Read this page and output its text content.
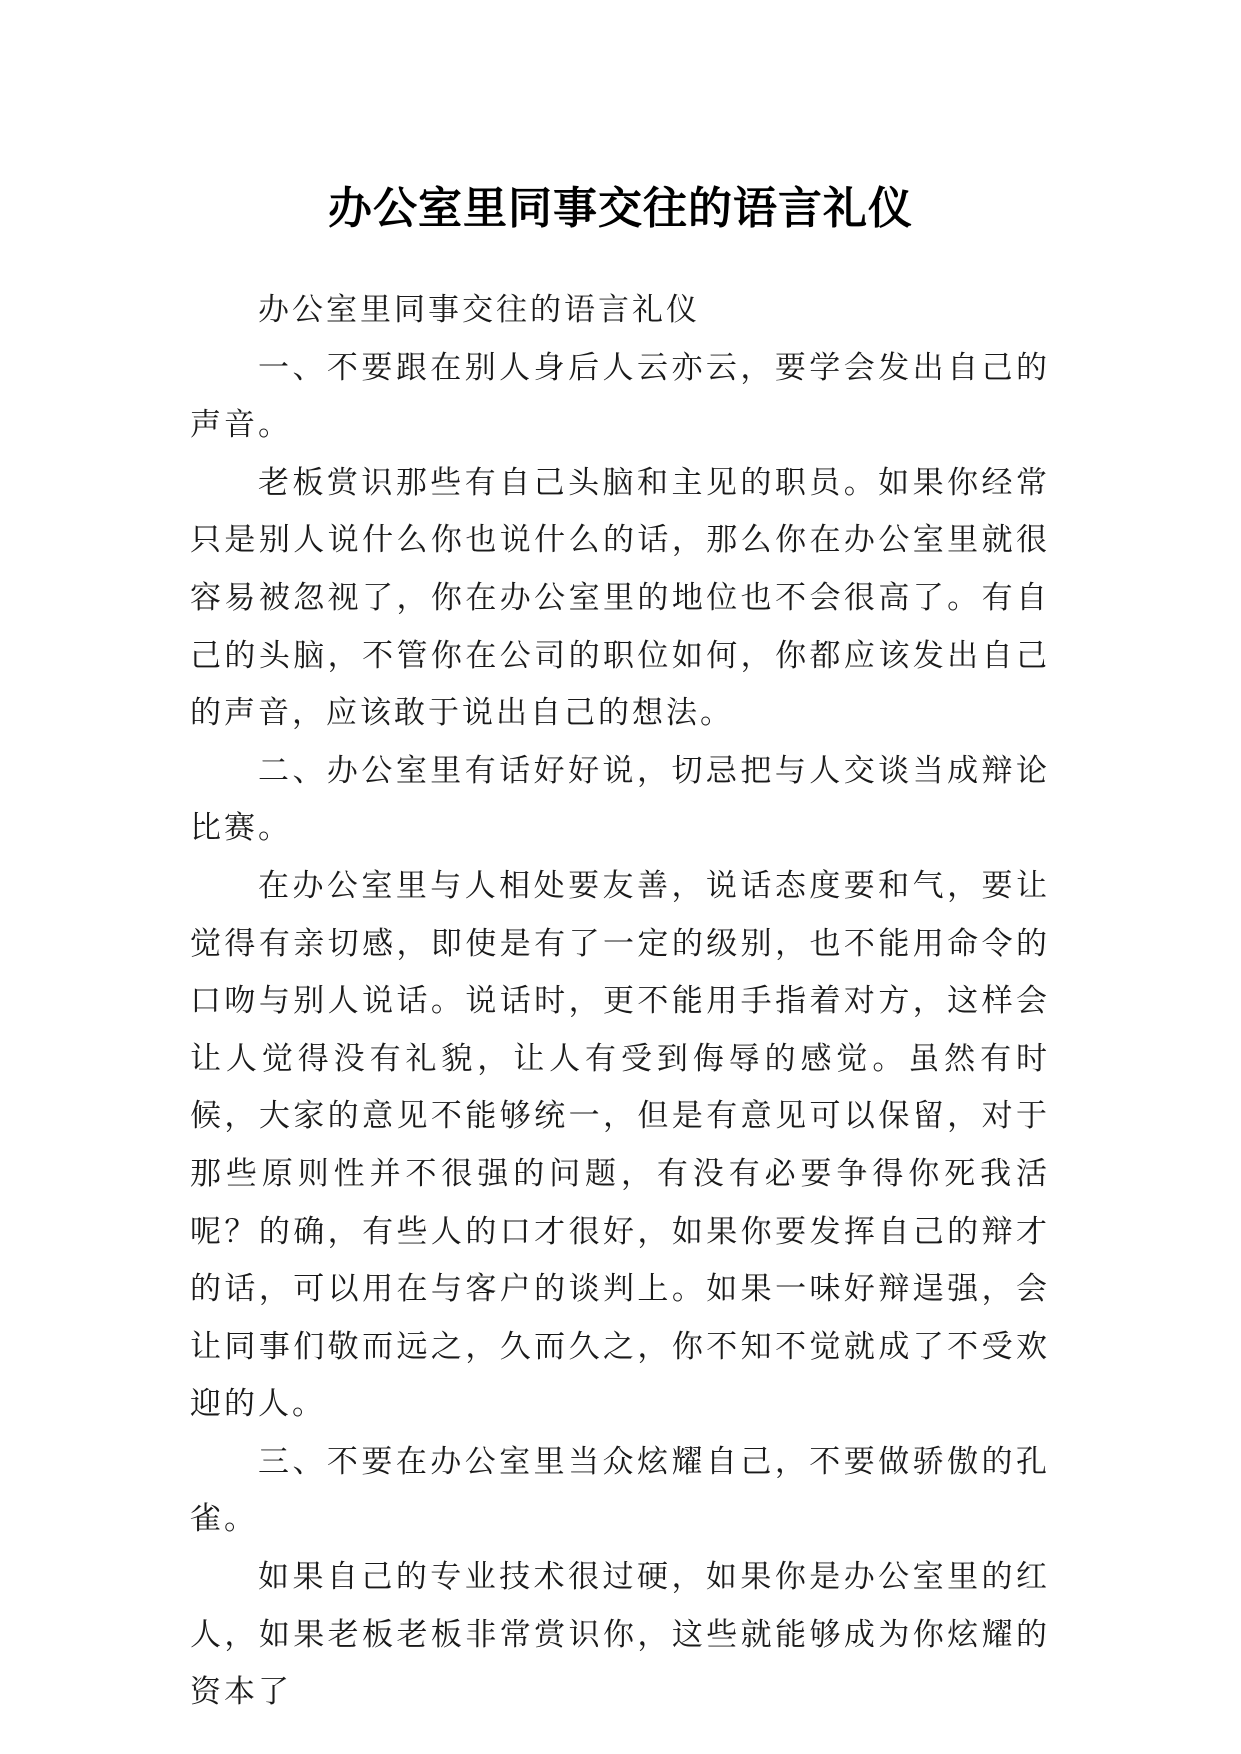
办公室里同事交往的语言礼仪

办公室里同事交往的语言礼仪

一、不要跟在别人身后人云亦云，要学会发出自己的声音。

老板赏识那些有自己头脑和主见的职员。如果你经常只是别人说什么你也说什么的话，那么你在办公室里就很容易被忽视了，你在办公室里的地位也不会很高了。有自己的头脑，不管你在公司的职位如何，你都应该发出自己的声音，应该敢于说出自己的想法。

二、办公室里有话好好说，切忌把与人交谈当成辩论比赛。

在办公室里与人相处要友善，说话态度要和气，要让觉得有亲切感，即使是有了一定的级别，也不能用命令的口吻与别人说话。说话时，更不能用手指着对方，这样会让人觉得没有礼貌，让人有受到侮辱的感觉。虽然有时候，大家的意见不能够统一，但是有意见可以保留，对于那些原则性并不很强的问题，有没有必要争得你死我活呢？的确，有些人的口才很好，如果你要发挥自己的辩才的话，可以用在与客户的谈判上。如果一味好辩逞强，会让同事们敬而远之，久而久之，你不知不觉就成了不受欢迎的人。

三、不要在办公室里当众炫耀自己，不要做骄傲的孔雀。

如果自己的专业技术很过硬，如果你是办公室里的红人，如果老板老板非常赏识你，这些就能够成为你炫耀的资本了
